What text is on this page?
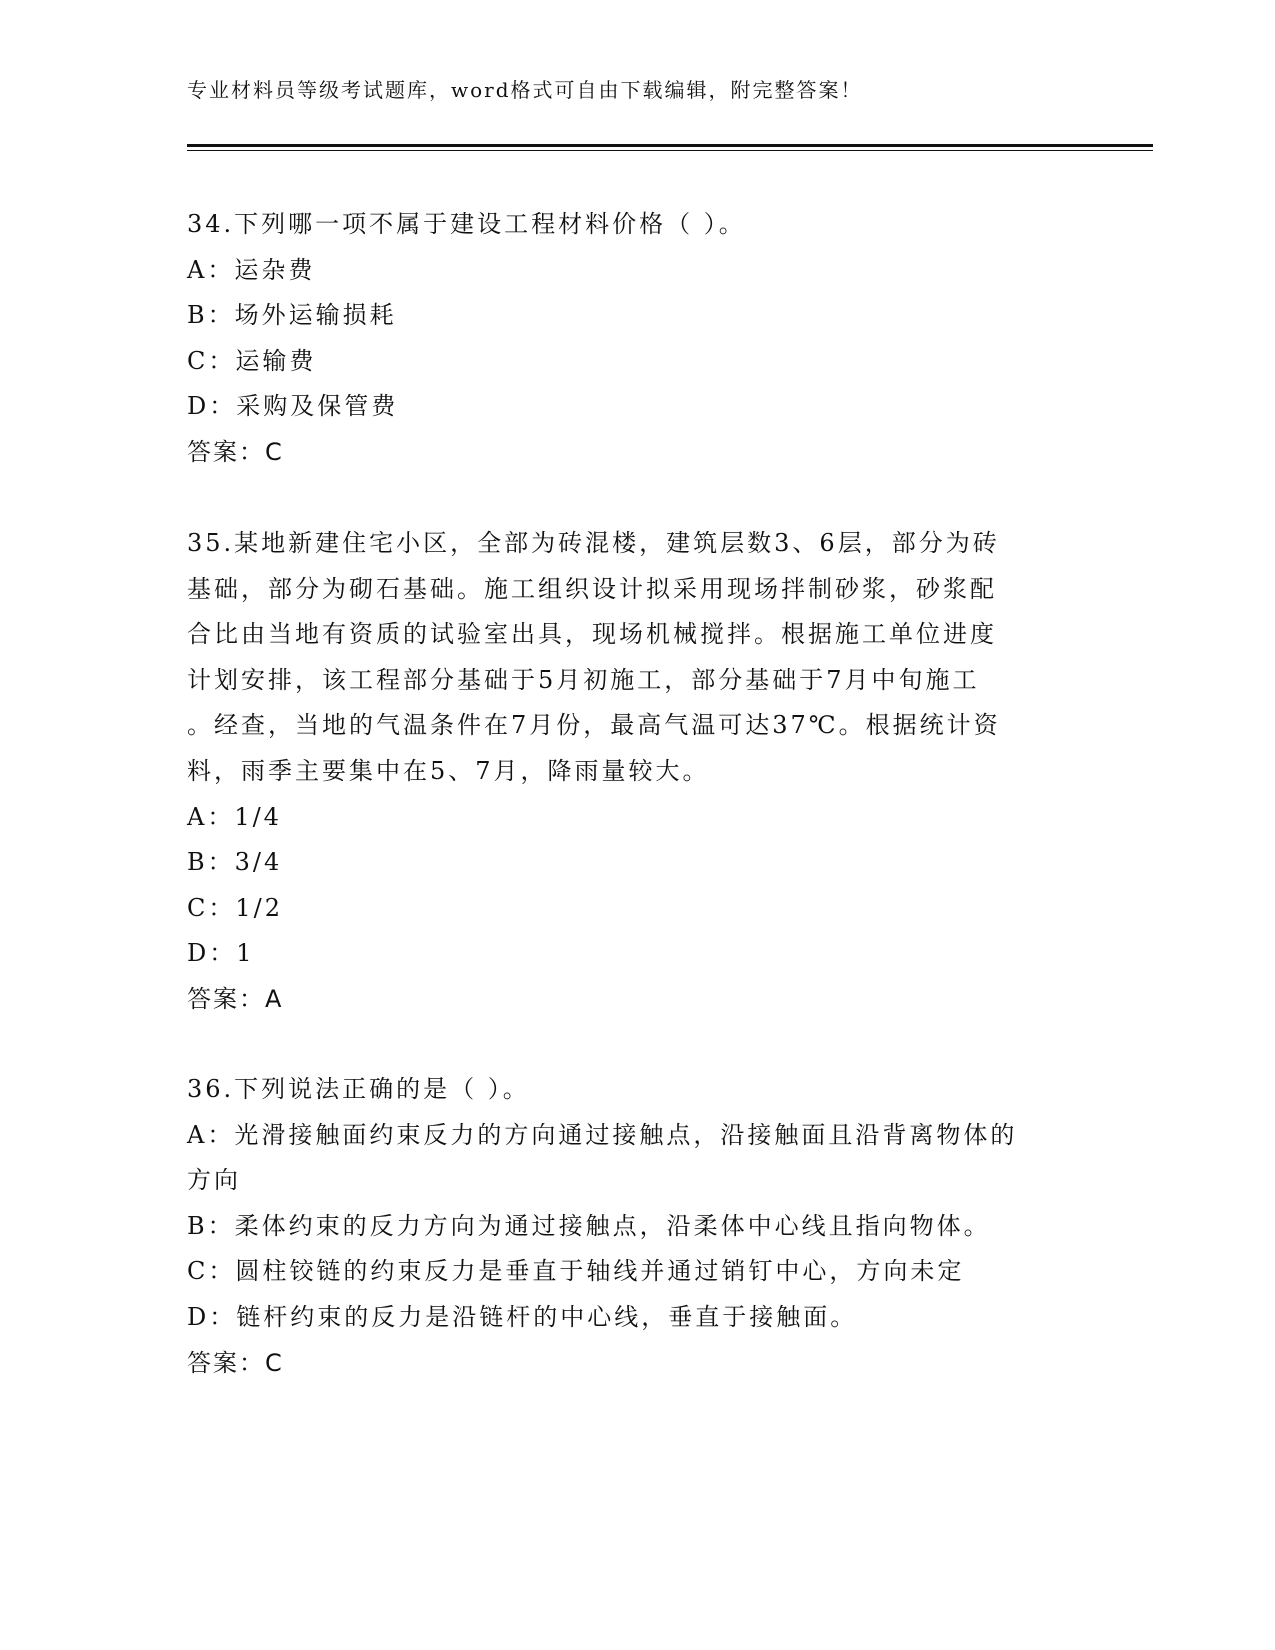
专业材料员等级考试题库，word格式可自由下载编辑，附完整答案！
34.下列哪一项不属于建设工程材料价格（ ）。
A：运杂费
B：场外运输损耗
C：运输费
D：采购及保管费
答案：C
35.某地新建住宅小区，全部为砖混楼，建筑层数3、6层，部分为砖
基础，部分为砌石基础。施工组织设计拟采用现场拌制砂浆，砂浆配
合比由当地有资质的试验室出具，现场机械搅拌。根据施工单位进度
计划安排，该工程部分基础于5月初施工，部分基础于7月中旬施工
。经查，当地的气温条件在7月份，最高气温可达37℃。根据统计资
料，雨季主要集中在5、7月，降雨量较大。
A：1/4
B：3/4
C：1/2
D：1
答案：A
36.下列说法正确的是（ ）。
A：光滑接触面约束反力的方向通过接触点，沿接触面且沿背离物体的
方向
B：柔体约束的反力方向为通过接触点，沿柔体中心线且指向物体。
C：圆柱铰链的约束反力是垂直于轴线并通过销钉中心，方向未定
D：链杆约束的反力是沿链杆的中心线，垂直于接触面。
答案：C
